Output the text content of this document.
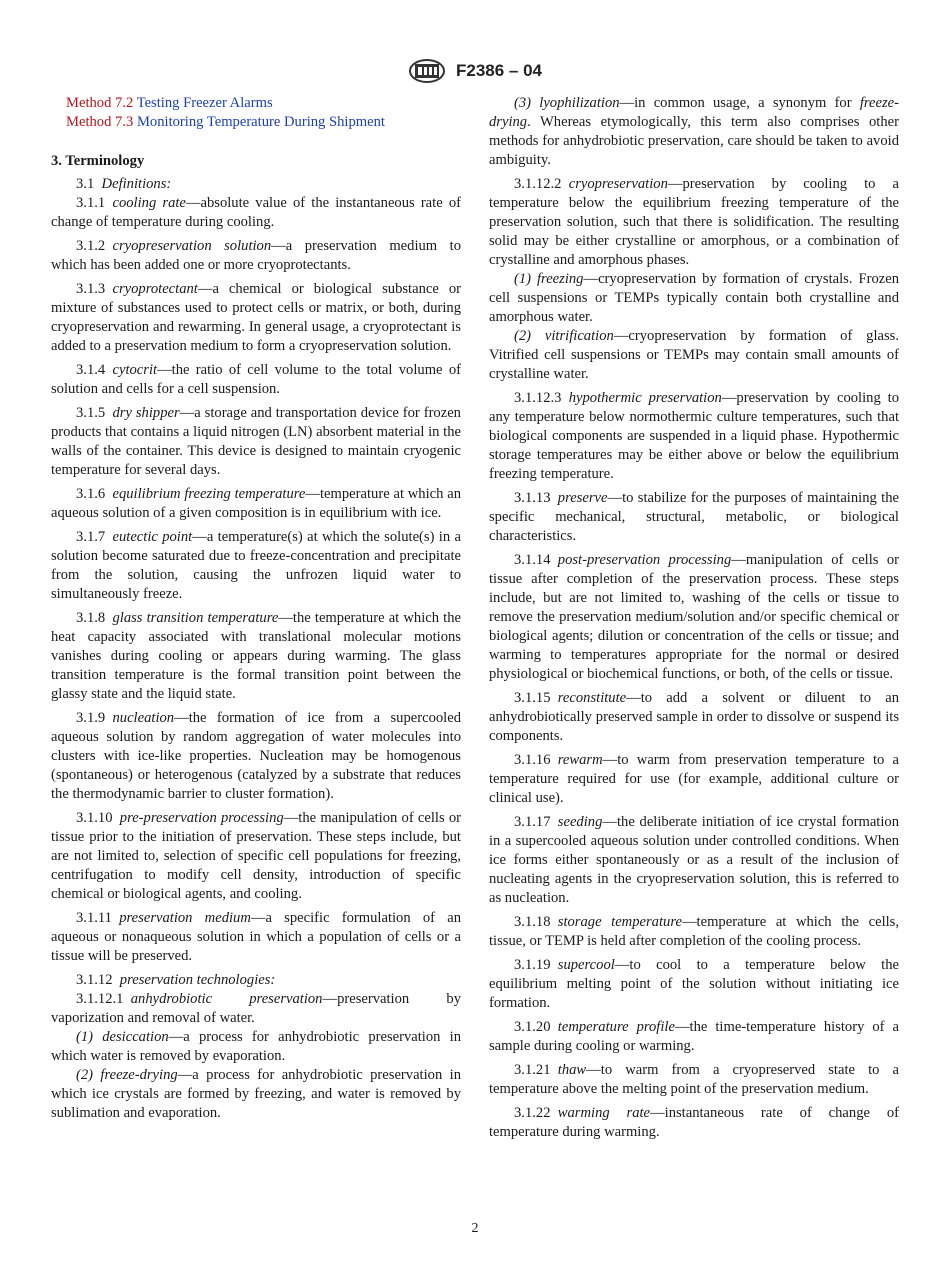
F2386 – 04
Method 7.2 Testing Freezer Alarms
Method 7.3 Monitoring Temperature During Shipment
3. Terminology
3.1  Definitions:
3.1.1  cooling rate—absolute value of the instantaneous rate of change of temperature during cooling.
3.1.2  cryopreservation solution—a preservation medium to which has been added one or more cryoprotectants.
3.1.3  cryoprotectant—a chemical or biological substance or mixture of substances used to protect cells or matrix, or both, during cryopreservation and rewarming. In general usage, a cryoprotectant is added to a preservation medium to form a cryopreservation solution.
3.1.4  cytocrit—the ratio of cell volume to the total volume of solution and cells for a cell suspension.
3.1.5  dry shipper—a storage and transportation device for frozen products that contains a liquid nitrogen (LN) absorbent material in the walls of the container. This device is designed to maintain cryogenic temperature for several days.
3.1.6  equilibrium freezing temperature—temperature at which an aqueous solution of a given composition is in equilibrium with ice.
3.1.7  eutectic point—a temperature(s) at which the solute(s) in a solution become saturated due to freeze-concentration and precipitate from the solution, causing the unfrozen liquid water to simultaneously freeze.
3.1.8  glass transition temperature—the temperature at which the heat capacity associated with translational molecular motions vanishes during cooling or appears during warming. The glass transition temperature is the formal transition point between the glassy state and the liquid state.
3.1.9  nucleation—the formation of ice from a supercooled aqueous solution by random aggregation of water molecules into clusters with ice-like properties. Nucleation may be homogenous (spontaneous) or heterogenous (catalyzed by a substrate that reduces the thermodynamic barrier to cluster formation).
3.1.10  pre-preservation processing—the manipulation of cells or tissue prior to the initiation of preservation. These steps include, but are not limited to, selection of specific cell populations for freezing, centrifugation to modify cell density, introduction of specific chemical or biological agents, and cooling.
3.1.11  preservation medium—a specific formulation of an aqueous or nonaqueous solution in which a population of cells or a tissue will be preserved.
3.1.12  preservation technologies:
3.1.12.1  anhydrobiotic preservation—preservation by vaporization and removal of water.
(1) desiccation—a process for anhydrobiotic preservation in which water is removed by evaporation.
(2) freeze-drying—a process for anhydrobiotic preservation in which ice crystals are formed by freezing, and water is removed by sublimation and evaporation.
(3) lyophilization—in common usage, a synonym for freeze-drying. Whereas etymologically, this term also comprises other methods for anhydrobiotic preservation, care should be taken to avoid ambiguity.
3.1.12.2  cryopreservation—preservation by cooling to a temperature below the equilibrium freezing temperature of the preservation solution, such that there is solidification. The resulting solid may be either crystalline or amorphous, or a combination of crystalline and amorphous phases.
(1) freezing—cryopreservation by formation of crystals. Frozen cell suspensions or TEMPs typically contain both crystalline and amorphous water.
(2) vitrification—cryopreservation by formation of glass. Vitrified cell suspensions or TEMPs may contain small amounts of crystalline water.
3.1.12.3  hypothermic preservation—preservation by cooling to any temperature below normothermic culture temperatures, such that biological components are suspended in a liquid phase. Hypothermic storage temperatures may be either above or below the equilibrium freezing temperature.
3.1.13  preserve—to stabilize for the purposes of maintaining the specific mechanical, structural, metabolic, or biological characteristics.
3.1.14  post-preservation processing—manipulation of cells or tissue after completion of the preservation process. These steps include, but are not limited to, washing of the cells or tissue to remove the preservation medium/solution and/or specific chemical or biological agents; dilution or concentration of the cells or tissue; and warming to temperatures appropriate for the normal or desired physiological or biochemical functions, or both, of the cells or tissue.
3.1.15  reconstitute—to add a solvent or diluent to an anhydrobiotically preserved sample in order to dissolve or suspend its components.
3.1.16  rewarm—to warm from preservation temperature to a temperature required for use (for example, additional culture or clinical use).
3.1.17  seeding—the deliberate initiation of ice crystal formation in a supercooled aqueous solution under controlled conditions. When ice forms either spontaneously or as a result of the inclusion of nucleating agents in the cryopreservation solution, this is referred to as nucleation.
3.1.18  storage temperature—temperature at which the cells, tissue, or TEMP is held after completion of the cooling process.
3.1.19  supercool—to cool to a temperature below the equilibrium melting point of the solution without initiating ice formation.
3.1.20  temperature profile—the time-temperature history of a sample during cooling or warming.
3.1.21  thaw—to warm from a cryopreserved state to a temperature above the melting point of the preservation medium.
3.1.22  warming rate—instantaneous rate of change of temperature during warming.
2
